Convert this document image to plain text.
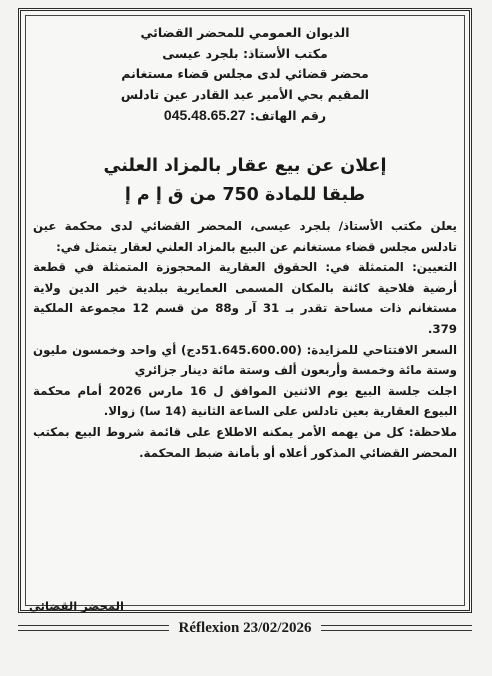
الديوان العمومي للمحضر القضائي
مكتب الأستاذ: بلجرد عيسى
محضر قضائي لدى مجلس قضاء مستغانم
المقيم بحي الأمير عبد القادر عين تادلس
رقم الهاتف: 045.48.65.27
إعلان عن بيع عقار بالمزاد العلني
طبقا للمادة 750 من ق إ م إ

يعلن مكتب الأستاذ/ بلجرد عيسى، المحضر القضائي لدى محكمة عين تادلس مجلس قضاء مستغانم عن البيع بالمزاد العلني لعقار يتمثل في:

التعيين: المتمثلة في: الحقوق العقارية المحجوزة المتمثلة في قطعة أرضية فلاحية كائنة بالمكان المسمى العمايرية ببلدية خير الدين ولاية مستغانم ذات مساحة تقدر بـ 31 آر و88 من قسم 12 مجموعة الملكية 379.

السعر الافتتاحي للمزايدة: (51.645.600.00دج) أي واحد وخمسون مليون وستة مائة وخمسة وأربعون ألف وستة مائة دينار جزائري

اجلت جلسة البيع يوم الاثنين الموافق ل 16 مارس 2026 أمام محكمة البيوع العقارية بعين تادلس على الساعة الثانية (14 سا) زوالا.

ملاحظة: كل من يهمه الأمر يمكنه الاطلاع على قائمة شروط البيع بمكتب المحضر القضائي المذكور أعلاه أو بأمانة ضبط المحكمة.

المحضر القضائي
Réflexion 23/02/2026
